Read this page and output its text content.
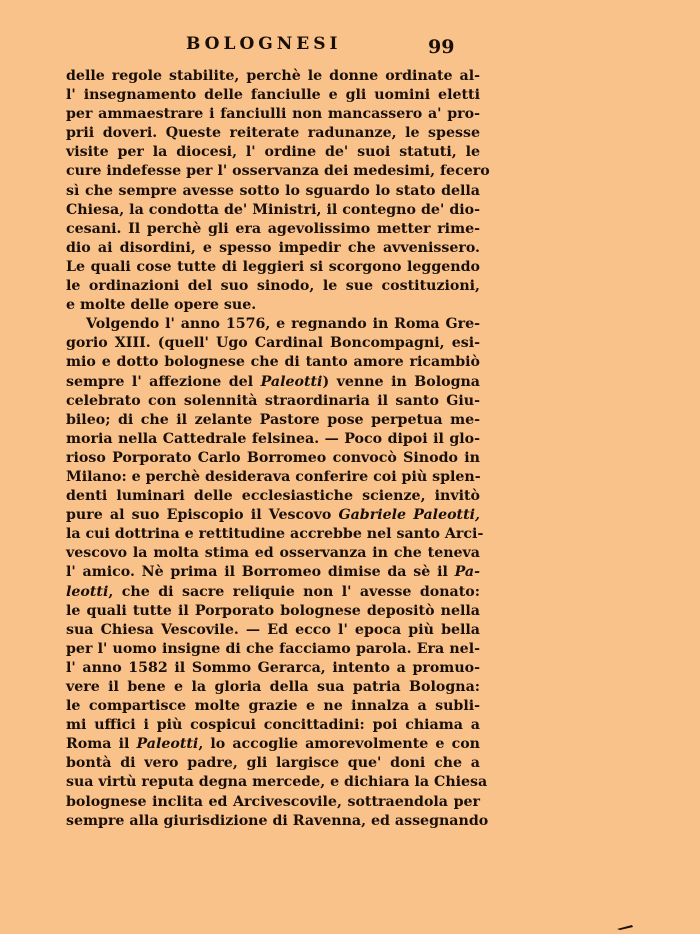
BOLOGNESI	99
delle regole stabilite, perchè le donne ordinate al-
l' insegnamento delle fanciulle e gli uomini eletti
per ammaestrare i fanciulli non mancassero a' pro-
prii doveri. Queste reiterate radunanze, le spesse
visite per la diocesi, l' ordine de' suoi statuti, le
cure indefesse per l' osservanza dei medesimi, fecero
sì che sempre avesse sotto lo sguardo lo stato della
Chiesa, la condotta de' Ministri, il contegno de' dio-
cesani. Il perchè gli era agevolissimo metter rime-
dio ai disordini, e spesso impedir che avvenissero.
Le quali cose tutte di leggieri si scorgono leggendo
le ordinazioni del suo sinodo, le sue costituzioni,
e molte delle opere sue.
Volgendo l' anno 1576, e regnando in Roma Gre-
gorio XIII. (quell' Ugo Cardinal Boncompagni, esi-
mio e dotto bolognese che di tanto amore ricambiò
sempre l' affezione del Paleotti) venne in Bologna
celebrato con solennità straordinaria il santo Giu-
bileo; di che il zelante Pastore pose perpetua me-
moria nella Cattedrale felsinea. — Poco dipoi il glo-
rioso Porporato Carlo Borromeo convocò Sinodo in
Milano: e perchè desiderava conferire coi più splen-
denti luminari delle ecclesiastiche scienze, invitò
pure al suo Episcopio il Vescovo Gabriele Paleotti,
la cui dottrina e rettitudine accrebbe nel santo Arci-
vescovo la molta stima ed osservanza in che teneva
l' amico. Nè prima il Borromeo dimise da sè il Pa-
leotti, che di sacre reliquie non l' avesse donato:
le quali tutte il Porporato bolognese depositò nella
sua Chiesa Vescovile. — Ed ecco l' epoca più bella
per l' uomo insigne di che facciamo parola. Era nel-
l' anno 1582 il Sommo Gerarca, intento a promuo-
vere il bene e la gloria della sua patria Bologna:
le compartisce molte grazie e ne innalza a subli-
mi uffici i più cospicui concittadini: poi chiama a
Roma il Paleotti, lo accoglie amorevolmente e con
bontà di vero padre, gli largisce que' doni che a
sua virtù reputa degna mercede, e dichiara la Chiesa
bolognese inclita ed Arcivescovile, sottraendola per
sempre alla giurisdizione di Ravenna, ed assegnando
